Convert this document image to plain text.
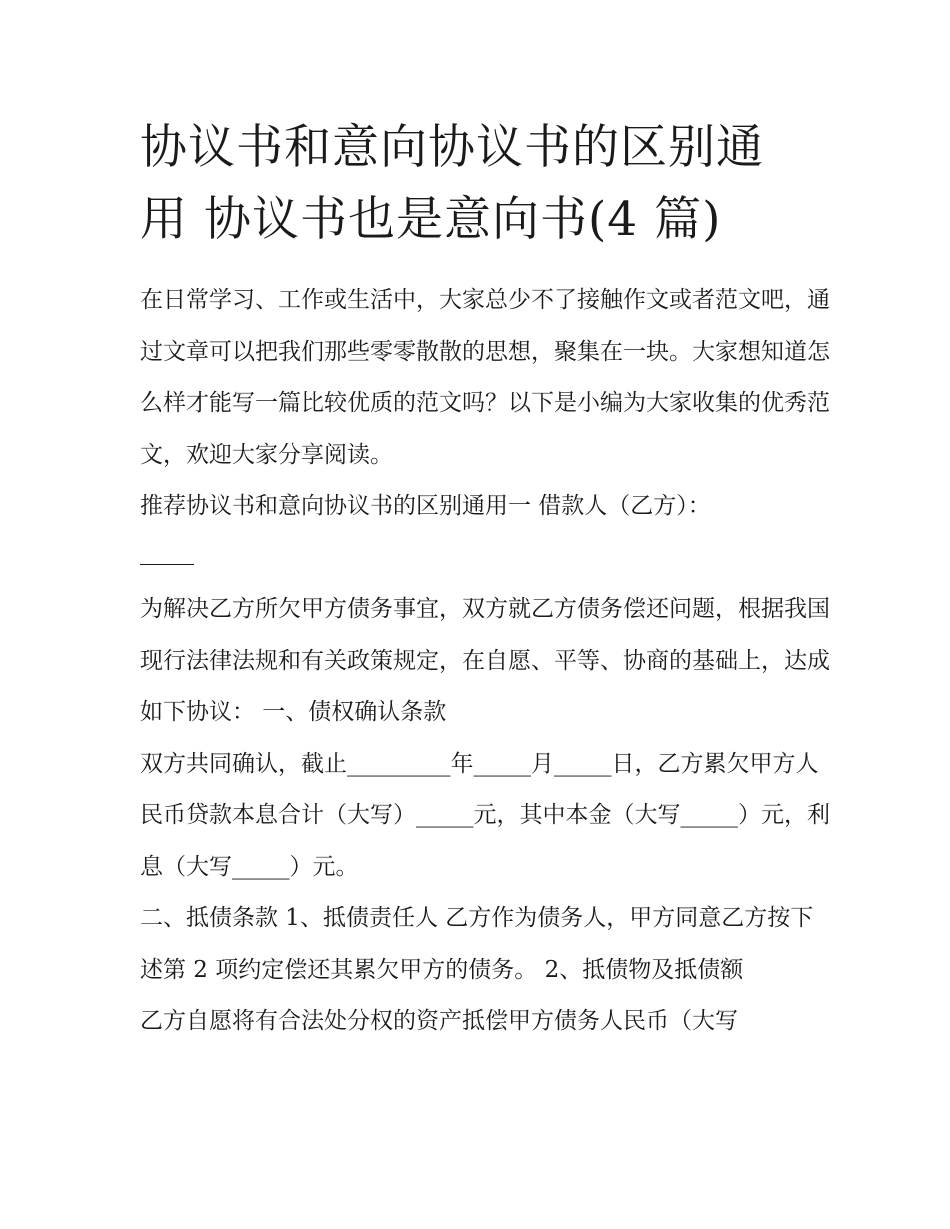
协议书和意向协议书的区别通
用 协议书也是意向书(4 篇)

在日常学习、工作或生活中，大家总少不了接触作文或者范文吧，通过文章可以把我们那些零零散散的思想，聚集在一块。大家想知道怎么样才能写一篇比较优质的范文吗？以下是小编为大家收集的优秀范文，欢迎大家分享阅读。

推荐协议书和意向协议书的区别通用一 借款人（乙方）：

为解决乙方所欠甲方债务事宜，双方就乙方债务偿还问题，根据我国现行法律法规和有关政策规定，在自愿、平等、协商的基础上，达成如下协议： 一、债权确认条款

双方共同确认，截止_________年_____月_____日，乙方累欠甲方人民币贷款本息合计（大写）_____元，其中本金（大写_____）元，利息（大写_____）元。

二、抵债条款 1、抵债责任人 乙方作为债务人，甲方同意乙方按下述第 2 项约定偿还其累欠甲方的债务。 2、抵债物及抵债额

乙方自愿将有合法处分权的资产抵偿甲方债务人民币（大写
